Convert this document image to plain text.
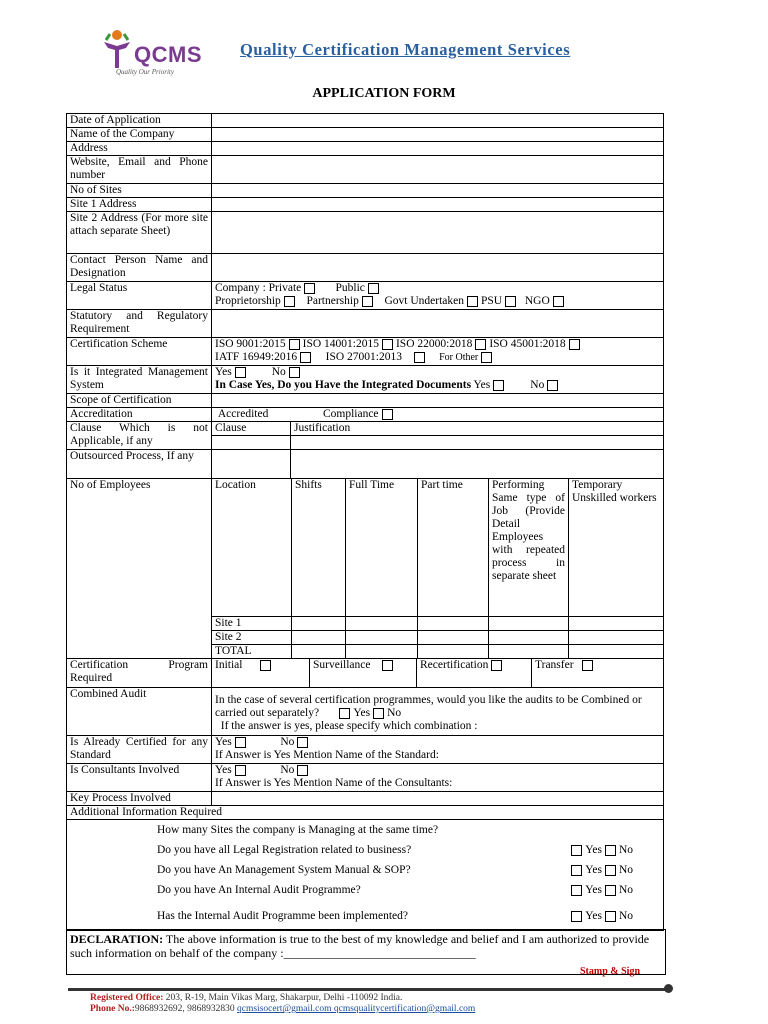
QCMS
Quality Our Priority
Quality Certification Management Services
APPLICATION FORM
Date of Application	
Name of the Company	
Address	
Website, Email and Phone number	
No of Sites	
Site 1 Address	
Site 2 Address (For more site attach separate Sheet)	
Contact Person Name and Designation	
Legal Status	Company : Private	Public
Proprietorship Partnership Govt Undertaken PSU NGO

Statutory and Regulatory Requirement	
Certification Scheme	ISO 9001:2015 ISO 14001:2015 ISO 22000:2018 ISO 45001:2018
IATF 16949:2016 ISO 27001:2013	For Other

Is it Integrated Management System	
Yes	No
In Case Yes, Do you Have the Integrated Documents Yes	No

Scope of Certification	
Accreditation	Accredited	Compliance
Clause Which is not Applicable, if any	
Clause	Justification

Outsourced Process, If any	

No of Employees		Location	Shifts	Full Time	Part time	Performing Same type of Job (Provide Detail Employees with repeated process in separate sheet	Temporary Unskilled workers
Site 1					
Site 2					
TOTAL					

Certification Program Required	
Initial	Surveillance	Recertification	Transfer

Combined Audit	In the case of several certification programmes, would you like the audits to be Combined or carried out separately?	Yes No
If the answer is yes, please specify which combination :

Is Already Certified for any Standard	
Yes	No
If Answer is Yes Mention Name of the Standard:

Is Consultants Involved	Yes	No
If Answer is Yes Mention Name of the Consultants:

Key Process Involved	
Additional Information Required

How many Sites the company is Managing at the same time?
Do you have all Legal Registration related to business?	Yes No
Do you have An Management System Manual & SOP?	Yes No
Do you have An Internal Audit Programme?	Yes No
Has the Internal Audit Programme been implemented?	Yes No
DECLARATION: The above information is true to the best of my knowledge and belief and I am authorized to provide such information on behalf of the company :________________________________
Stamp & Sign
Registered Office: 203, R-19, Main Vikas Marg, Shakarpur, Delhi -110092 India.
Phone No.:9868932692, 9868932830 qcmsisocert@gmail.com qcmsqualitycertification@gmail.com
